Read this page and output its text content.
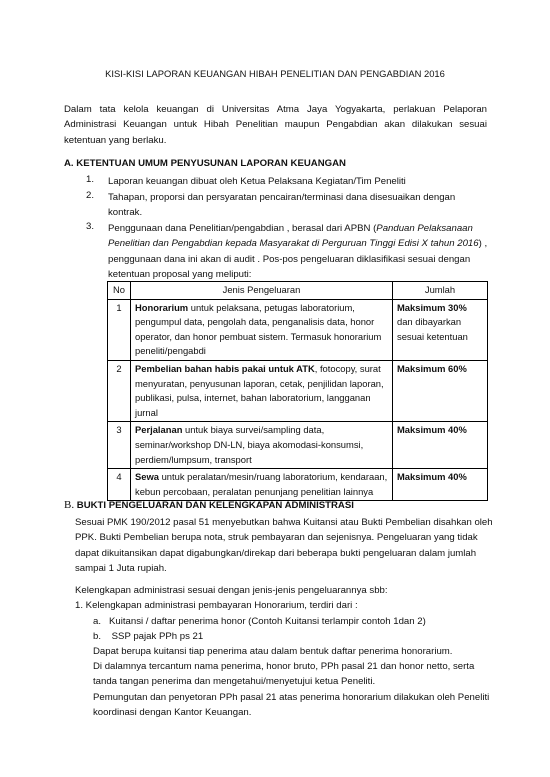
KISI-KISI LAPORAN KEUANGAN HIBAH PENELITIAN DAN PENGABDIAN 2016
Dalam tata kelola keuangan di Universitas Atma Jaya Yogyakarta, perlakuan Pelaporan Administrasi Keuangan untuk Hibah Penelitian maupun Pengabdian akan dilakukan sesuai ketentuan yang berlaku.
A. KETENTUAN UMUM PENYUSUNAN LAPORAN KEUANGAN
1.	Laporan keuangan dibuat oleh Ketua Pelaksana Kegiatan/Tim Peneliti
2.	Tahapan, proporsi dan persyaratan pencairan/terminasi dana disesuaikan dengan kontrak.
3.	Penggunaan dana Penelitian/pengabdian , berasal dari APBN (Panduan Pelaksanaan Penelitian dan Pengabdian kepada Masyarakat di Perguruan Tinggi Edisi X tahun 2016) , penggunaan dana ini akan di audit . Pos-pos pengeluaran diklasifikasi sesuai dengan ketentuan proposal yang meliputi:
No	Jenis Pengeluaran	Jumlah
1	Honorarium untuk pelaksana, petugas laboratorium, pengumpul data, pengolah data, penganalisis data, honor operator, dan honor pembuat sistem. Termasuk honorarium peneliti/pengabdi	Maksimum 30% dan dibayarkan sesuai ketentuan
2	Pembelian bahan habis pakai untuk ATK, fotocopy, surat menyuratan, penyusunan laporan, cetak, penjilidan laporan, publikasi, pulsa, internet, bahan laboratorium, langganan jurnal	Maksimum 60%
3	Perjalanan untuk biaya survei/sampling data, seminar/workshop DN-LN, biaya akomodasi-konsumsi, perdiem/lumpsum, transport	Maksimum 40%
4	Sewa untuk peralatan/mesin/ruang laboratorium, kendaraan, kebun percobaan, peralatan penunjang penelitian lainnya	Maksimum 40%
B. BUKTI PENGELUARAN DAN KELENGKAPAN ADMINISTRASI
Sesuai PMK 190/2012 pasal 51 menyebutkan bahwa Kuitansi atau Bukti Pembelian disahkan oleh PPK. Bukti Pembelian berupa nota, struk pembayaran dan sejenisnya. Pengeluaran yang tidak dapat dikuitansikan dapat digabungkan/direkap dari beberapa bukti pengeluaran dalam jumlah sampai 1 Juta rupiah.
Kelengkapan administrasi sesuai dengan jenis-jenis pengeluarannya sbb:
1. Kelengkapan administrasi pembayaran Honorarium, terdiri dari :
a.   Kuitansi / daftar penerima honor (Contoh Kuitansi terlampir contoh 1dan 2)
b.    SSP pajak PPh ps 21
Dapat berupa kuitansi tiap penerima atau dalam bentuk daftar penerima honorarium.
Di dalamnya tercantum nama penerima, honor bruto, PPh pasal 21 dan honor netto, serta tanda tangan penerima dan mengetahui/menyetujui ketua Peneliti.
Pemungutan dan penyetoran PPh pasal 21 atas penerima honorarium dilakukan oleh Peneliti koordinasi dengan Kantor Keuangan.
